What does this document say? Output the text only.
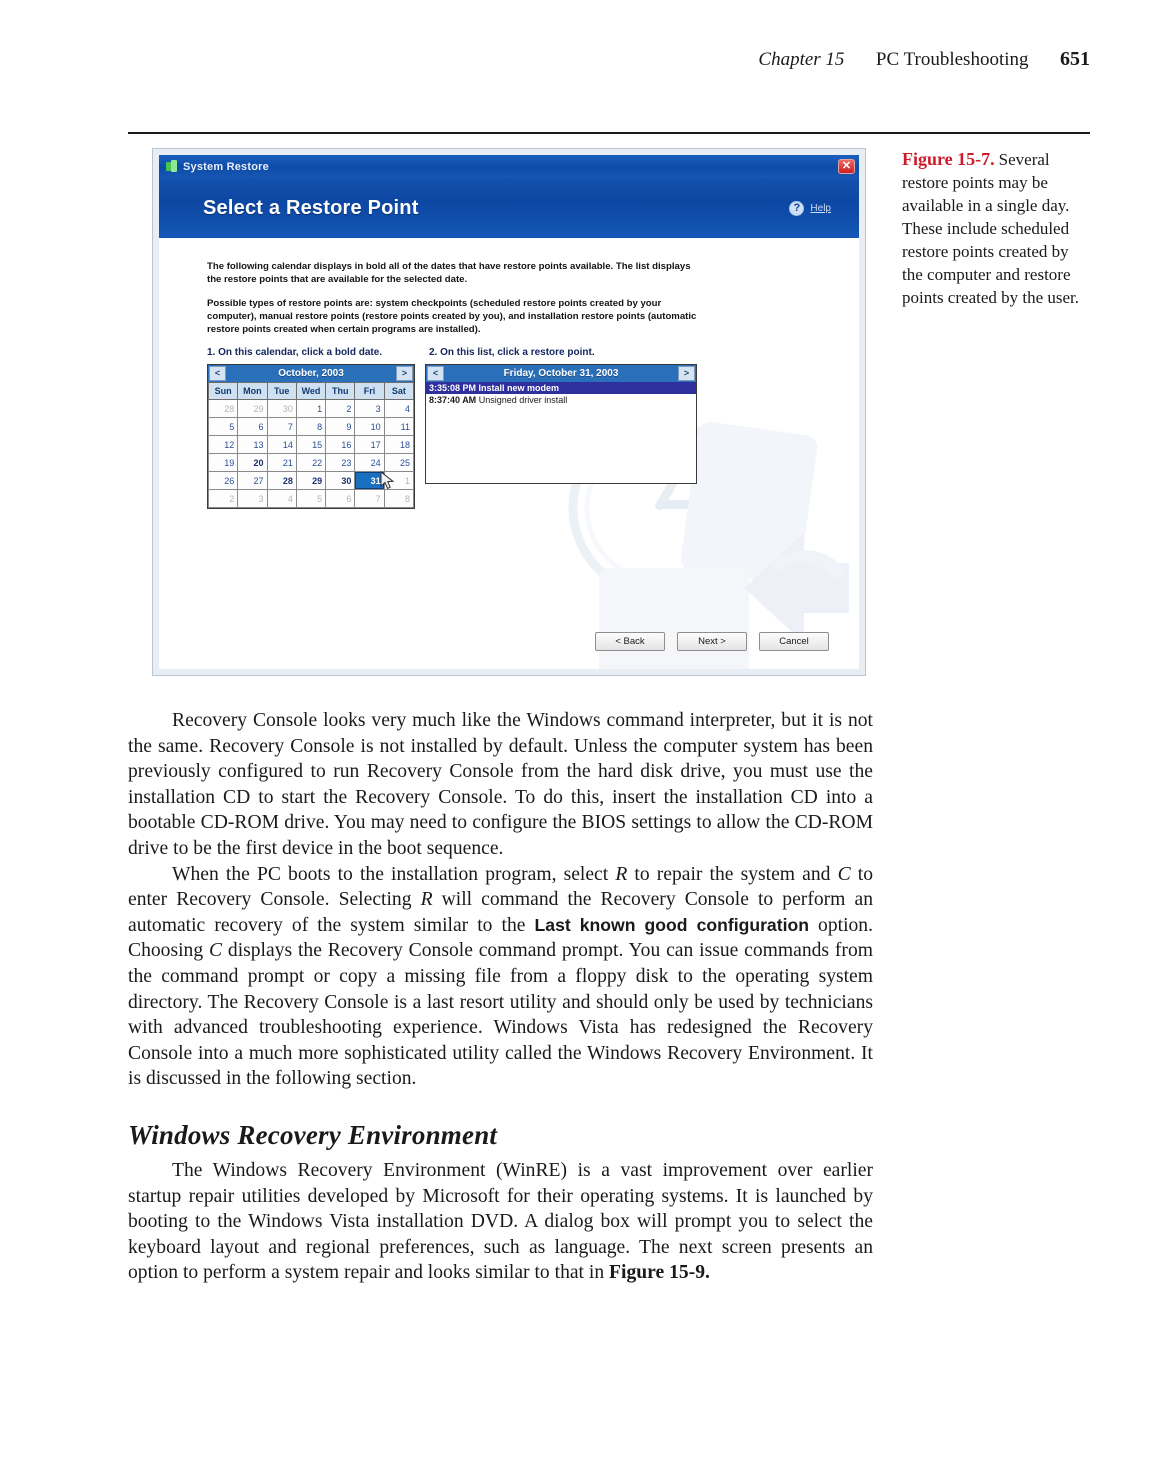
Chapter 15 PC Troubleshooting 651
System Restore	✕
Select a Restore Point	?	Help

The following calendar displays in bold all of the dates that have restore points available. The list displays the restore points that are available for the selected date.

Possible types of restore points are: system checkpoints (scheduled restore points created by your computer), manual restore points (restore points created by you), and installation restore points (automatic restore points created when certain programs are installed).

1. On this calendar, click a bold date.	2. On this list, click a restore point.
<	October, 2003	>
Sun	Mon	Tue	Wed	Thu	Fri	Sat
28	29	30	1	2	3	4
5	6	7	8	9	10	11
12	13	14	15	16	17	18
19	20	21	22	23	24	25
26	27	28	29	30	31	1
2	3	4	5	6	7	8
<	Friday, October 31, 2003	>
3:35:08 PM Install new modem
8:37:40 AM Unsigned driver install
< Back	Next >	Cancel
Figure 15-7. Several restore points may be available in a single day. These include scheduled restore points created by the computer and restore points created by the user.

Recovery Console looks very much like the Windows command interpreter, but it is not the same. Recovery Console is not installed by default. Unless the computer system has been previously configured to run Recovery Console from the hard disk drive, you must use the installation CD to start the Recovery Console. To do this, insert the installation CD into a bootable CD-ROM drive. You may need to configure the BIOS settings to allow the CD-ROM drive to be the first device in the boot sequence.

When the PC boots to the installation program, select R to repair the system and C to enter Recovery Console. Selecting R will command the Recovery Console to perform an automatic recovery of the system similar to the Last known good configuration option. Choosing C displays the Recovery Console command prompt. You can issue commands from the command prompt or copy a missing file from a floppy disk to the operating system directory. The Recovery Console is a last resort utility and should only be used by technicians with advanced troubleshooting experience. Windows Vista has redesigned the Recovery Console into a much more sophisticated utility called the Windows Recovery Environment. It is discussed in the following section.

Windows Recovery Environment

The Windows Recovery Environment (WinRE) is a vast improvement over earlier startup repair utilities developed by Microsoft for their operating systems. It is launched by booting to the Windows Vista installation DVD. A dialog box will prompt you to select the keyboard layout and regional preferences, such as language. The next screen presents an option to perform a system repair and looks similar to that in Figure 15-9.
